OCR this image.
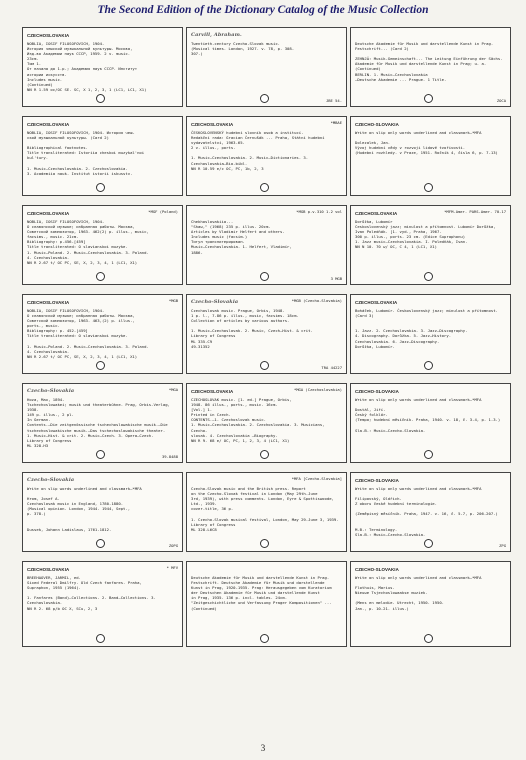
The Second Edition of the Dictionary Catalog of the Music Collection
CZECHOSLOVAKIA
NOBLIA, IOSIF FILOSOFOVICH, 1904-
История чешской музыкальной культуры. Москва,
Изд-во Академии наук СССР, 1959. 2 v. music.
23cm.
Том 1.
От начала до 1.p.; Академия наук СССР. Институт
истории искусств.
Includes music.
(Continued)
NN R 1.59 oc/OC SE. SC, X 1, 2, 3, 1 (LC1, LC1, X1)
Carvill, Abraham.
Twentieth-century Czecho-Slovak music.
(Musical times. London, 1927. v. 78, p. 308-
307.)
JBE 54-
Deutsche Akademie für Musik und darstellende Kunst in Prag.
Festschrift... (Card 2)

ZEHNJÄ: Musik-Gemeinschaft... The Leitung Einführung der Sächs. Akademie für Musik und darstellende Kunst in Prag; u. a.
(Continued)
BERLIN. 1. Music—Czechoslovakia
—Deutsche Akademie ... Prague. 1 Title.
ZOCA
CZECHOSLOVAKIA
NOBLIA, IOSIF FILOSOFOVICH, 1904- История чеш-
ской музыкальной культуры. (Card 2)

Bibliographical footnotes.
Title transliterated: Istoriia cheskoi muzykal'noi
kul'tury.

1. Music—Czechoslovakia. 2. Czechoslovakia.
3. Academiia nauk. Institut istorii iskusstv.
CZECHOSLOVAKIA	*MBAE
ČESKOSLOVENSKÝ hudební slovník osob a institucí.
Redakční rada: Gracian Černušák ... Praha, Státní hudební vydavatelství, 1963-65.
2 v. illus., ports.

1. Music—Czechoslovakia. 2. Music—Dictionaries. 3. Czechoslovakia—Bio-bibl.
NN R 10.59 e/c OC, PC, 1b, 2, 3
CZECHO-SLOVAKIA
Write on slip only words underlined and classmark—*MFA

Dolezalek, Jan.
Vývoj hudební vědy v rozvoji lidové tvořivosti.
(Hudební rozhledy. v Praze, 1951. Ročník 4, čísla 6, p. 7-13)
CZECHOSLOVAKIA	*MGF (Poland)
NOBLIA, IOSIF FILOSOFOVICH, 1904-
O славянской музыке; избранная работы. Москва,
Советский композитор, 1963. 462(2) p. illus., music,
facsims., music. 21cm.
Bibliography: p.456-[459]
Title transliterated: O slavianskoi muzyke.
1. Music—Poland. 2. Music—Czechoslovakia. 3. Poland.
4. Czechoslovakia.
NN R 2.67 t/ OC PC, SE, X, 2, 3, 4, 1 (LC1, X1)
*MGB p.v.310 1.2 vol
Chekhoslovakiia...
"Shaw," (1968) 235 p. illus. 20cm.
Articles by Vladimir Helfert and others.
Includes music (facsim.)
Титул транслитерирован.
Music—Czechoslovakia. 1. Helfert, Vladimír,
1886-
3 MGB
CZECHOSLOVAKIA	*MFM-Amer. PARS-Amer. 70-17
Dorůžka, Lubomír
Ceskoslovenský jazz; minulost a přítomnost. Lubomír Dorůžka, Ivan Poledňák. [1. vyd., Praha, 1967.
300 p. illus., ports. 23 cm. (Edice Supraphonu)
1. Jazz music—Czechoslovakia. I. Poledňák, Ivan.
NN N 10. 70 w/ OC, C 4, 1 (LC1, X1)
CZECHOSLOVAKIA	*MGB
NOBLIA, IOSIF FILOSOFOVICH, 1904-
O славянской музыке; избранная работы. Москва,
Советский композитор, 1963. 463,(2) p. illus.,
ports., music.
Bibliography: p. 452-[459]
Title transliterated: O slavianskoi muzyke.

1. Music—Poland. 2. Music—Czechoslovakia. 3. Poland.
4. Czechoslovakia.
NN R 2.67 t/ OC PC, SE, X, 2, 3, 4, 1 (LC1, X1)
Czecho-Slovakia	*MGB (Czecho-Slovakia)
Czechoslovak music. Prague, Orbis, 1948.
1 p. l., 7-86 p. illus., music, facsims. 18cm.
Collection of articles by various authors.

1. Music—Czechoslovak. 2. Music, Czech—Hist. & crit.
Library of Congress
ML 335.C9
49-31352
TRA 44227
CZECHOSLOVAKIA
Boháček, Ludomír. Československý jazz; minulost a přítomnost. (Card 3)

1. Jazz. 2. Czechoslovakia. 3. Jazz—Discography.
4. Discography. Dorůžka. 5. Jazz—History.
Czechoslovakia. 6. Jazz—Discography.
Dorůžka, Lubomír.
Czecho-Slovakia	*MGA
Hoza, Max, 1894-
Tschechoslowakei; musik und theaterbühne. Prag, Orbis-Verlag, 1938.
149 p. illus., 2 pl.
In German.
Contents.—Die zeitgenössische tschechoslowakische musik.—Die tschechoslowakische musik.—Das tschechoslowakische theater.
1. Music—Hist. & crit. 2. Music—Czech. 3. Opera—Czech.
Library of Congress
ML 328.H3
39-8488
CZECHOSLOVAKIA	*MGA (Czechoslovakia)
CZECHOSLOVAK music. [1. ed.] Prague, Orbis,
1948. 86 illus., ports., music. 16cm.
[Vol.] 1.
Printed in Czech.
CONTENTS.—1. Czechoslovak music.
1. Music—Czechoslovakia. 2. Czechoslovakia. 3. Musicians, Czecho-
slovak. 4. Czechoslovakia —Biography.
NN R 9. 68 e/ OC, PC, 1, 2, 3, 4 (LC1, X1)
CZECHO-SLOVAKIA
Write on slip only words underlined and classmark—*MFA

Dostál, Jiří.
Český folklór.
(Tempo; hudební měsíčník. Praha, 1940. v. 18, č. 3-4, p. 1-3.)

Sla.B.: Music—Czecho-Slovakia.
Czecho-Slovakia
Write on slip words underlined and classmark—*MFA

Hrom, Josef A.
Czechoslovak music in England, 1780-1880.
(Musical opinion. London, 1944. 1944, Sept.,
p. 378.)

Dussek, Johann Ladislaus, 1761-1812.
ZOPG
*MFA [Czecho-Slovakia]
Czecho-Slovak music and the British press. Report
on the Czecho-Slovak festival in London (May 29th-June
3rd, 1939), with press comments. London, Eyre & Spottiswoode, Ltd., 1939.
cover-title, 36 p.

1. Czecho-Slovak musical festival, London, May 29-June 3, 1939.
Library of Congress
ML 328.L6C8
CZECHO-SLOVAKIA
Write on slip only words underlined and classmark—*MFA

Filipovský, Oldřich.
Z oboru české hudební terminologie.

(Zeměpisný měsíčník. Praha, 1947. v. 16, č. 5-7, p. 206-207.)

M.B.: Terminology.
Sla.B.: Music—Czecho-Slovakia.
ZPG
CZECHOSLOVAKIA	* MFV
BREEHAOVER, JARMIL, ed.
Sixed Federal Dmilfry. Old Czech fanfares. Praha,
Supraphon, 1955 (1964).

1. Fanfares (Band)—Collections. 2. Band—Collections. 3. Czechoslovakia.
NN R 2. 68 p/b OC X, SCu, 2, 3
Deutsche Akademie für Musik und darstellende Kunst in Prag.
Festschrift. Deutsche Akademie für Musik und darstellende
Kunst in Prag, 1920-1935. Prag: Herausgegeben vom Kuratorium
der Deutschen Akademie für Musik und darstellende Kunst
in Prag, 1935. 136 p. incl. tables. 24cm.
"Zeitgeschichtliche und Verfassung Prager Kompositionen" ...
(Continued)
CZECHO-SLOVAKIA
Write on slip only words underlined and classmark—*MFA

Flothuis, Marius.
Nieuwe Tsjechoslowaakse muziek.

(Mens en melodie. Utrecht, 1950. 1950.
Jan., p. 10-21. illus.)
3
